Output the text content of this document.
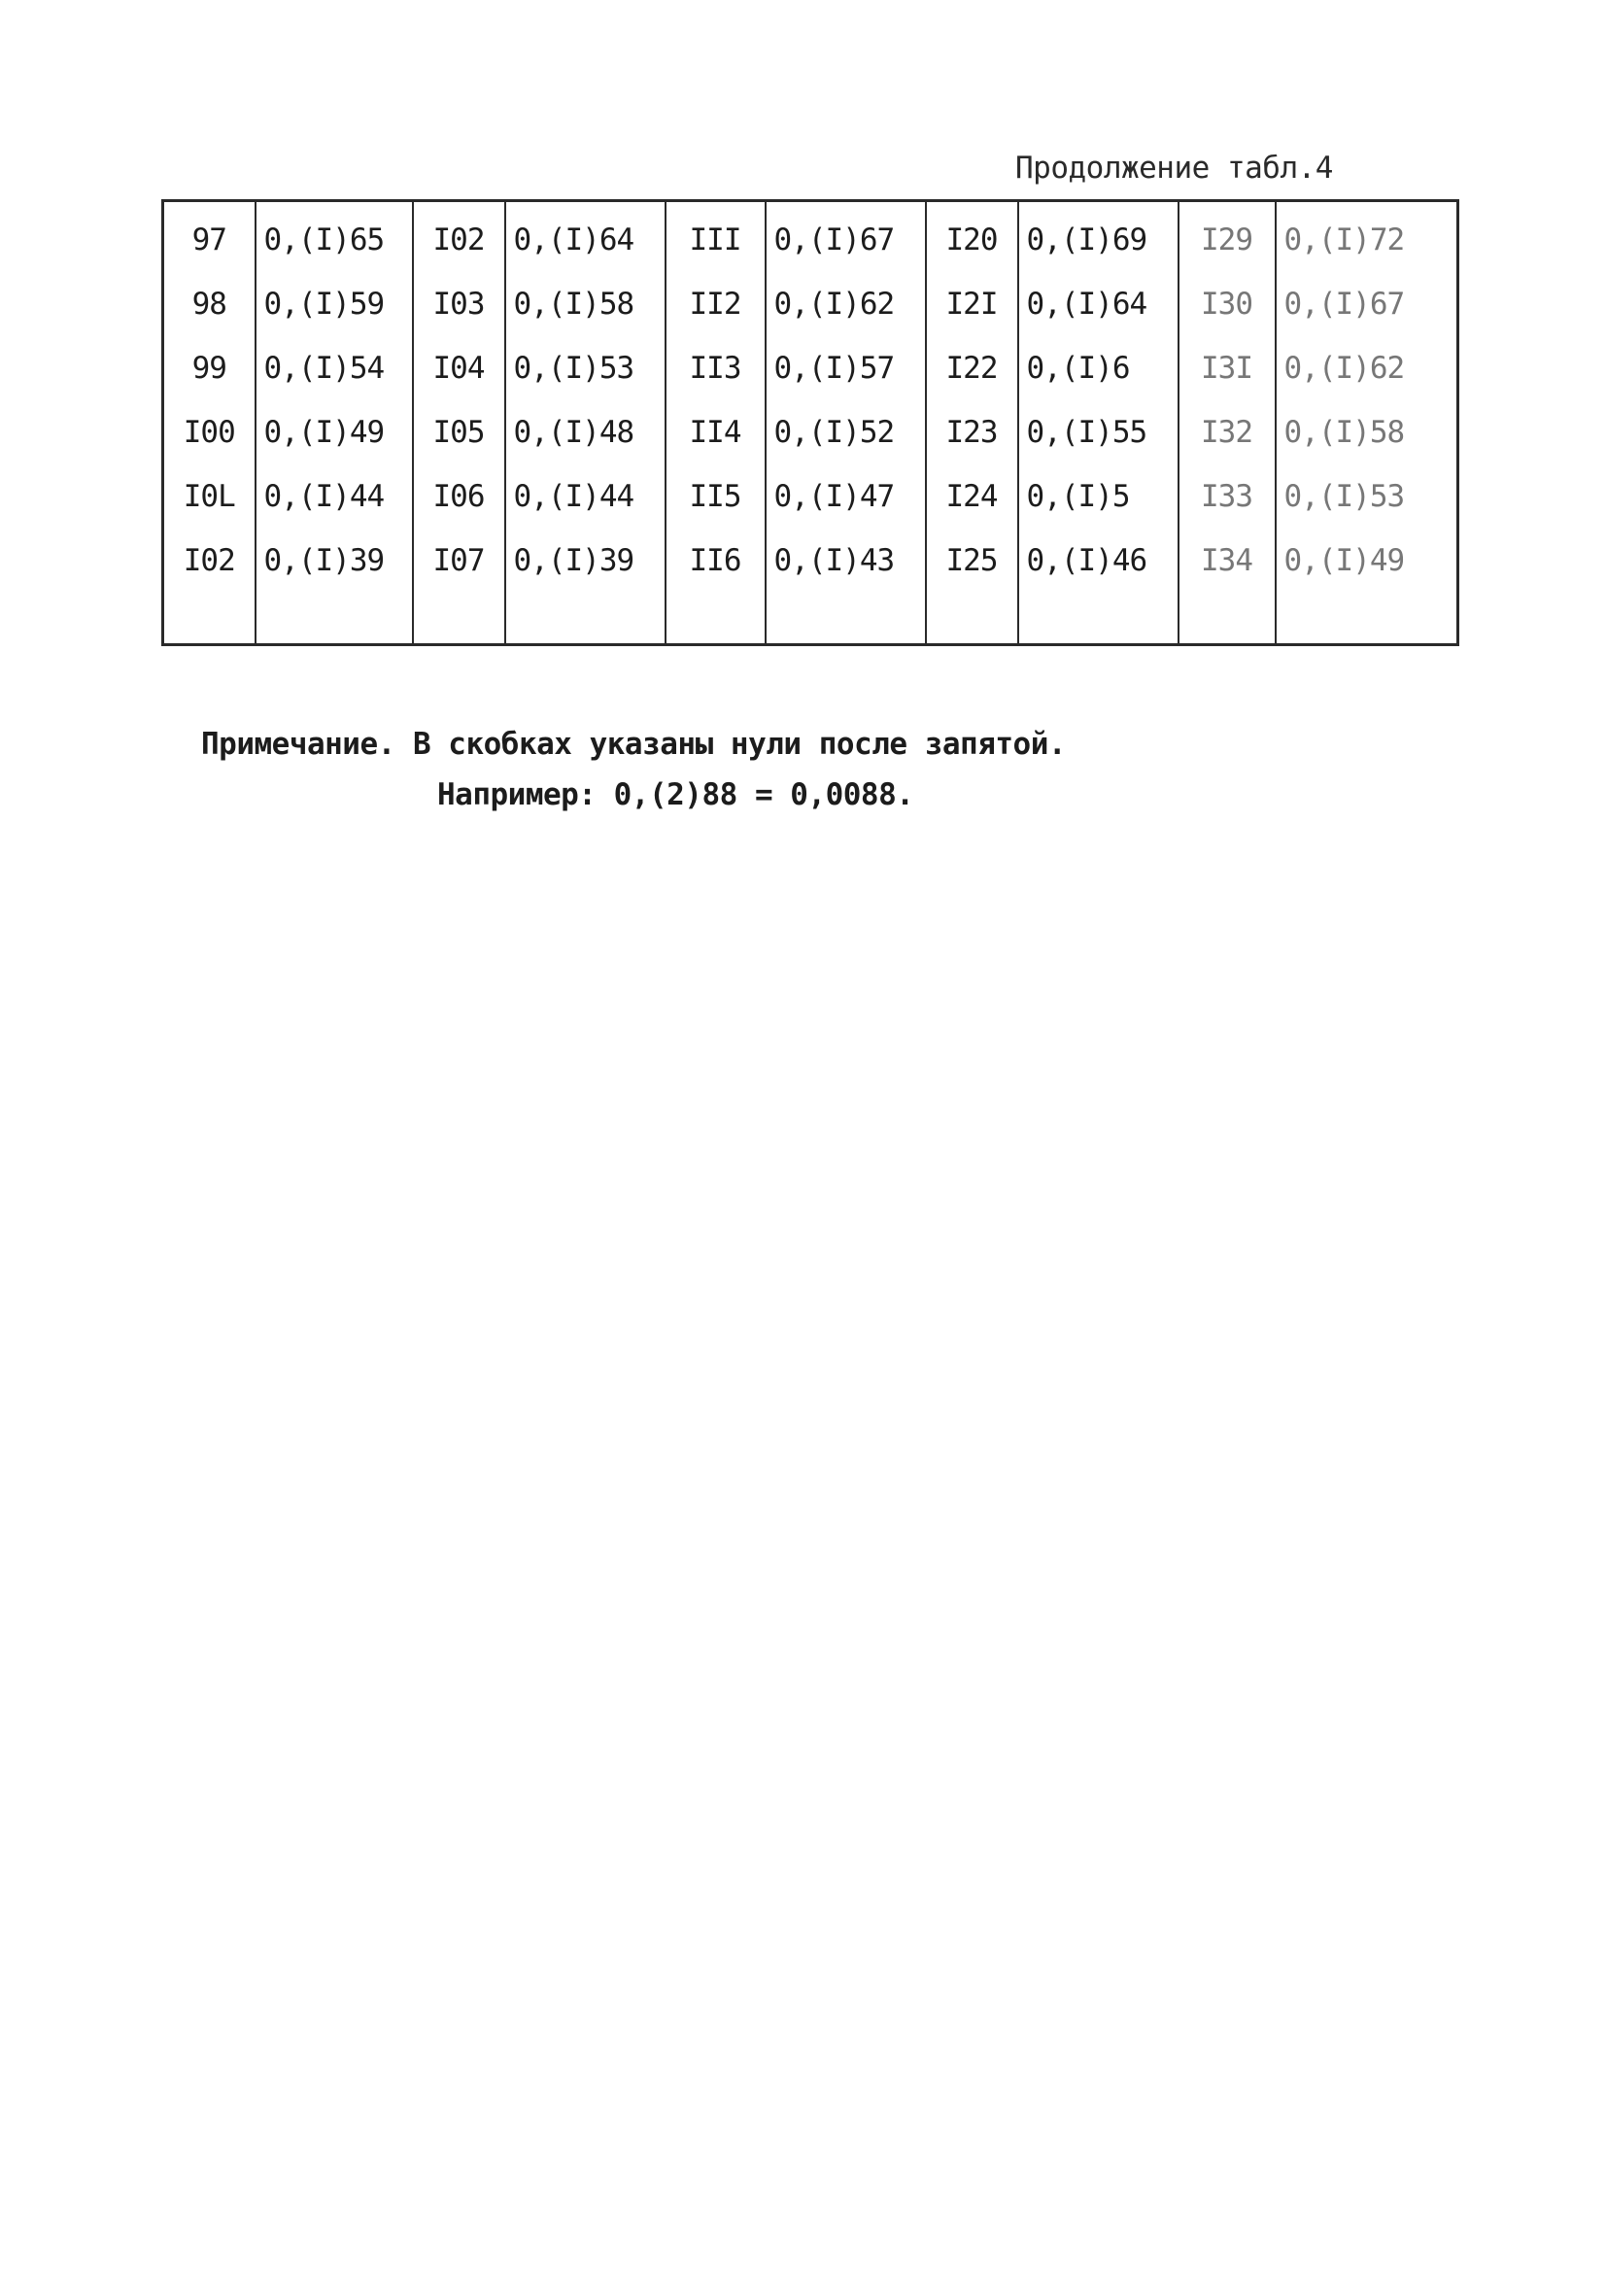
Продолжение табл.4
97	0,(I)65	I02	0,(I)64	III	0,(I)67	I20	0,(I)69	I29	0,(I)72
98	0,(I)59	I03	0,(I)58	II2	0,(I)62	I2I	0,(I)64	I30	0,(I)67
99	0,(I)54	I04	0,(I)53	II3	0,(I)57	I22	0,(I)6	I3I	0,(I)62
I00	0,(I)49	I05	0,(I)48	II4	0,(I)52	I23	0,(I)55	I32	0,(I)58
I0L	0,(I)44	I06	0,(I)44	II5	0,(I)47	I24	0,(I)5	I33	0,(I)53
I02	0,(I)39	I07	0,(I)39	II6	0,(I)43	I25	0,(I)46	I34	0,(I)49

Примечание. В скобках указаны нули после запятой.
Например: 0,(2)88 = 0,0088.
